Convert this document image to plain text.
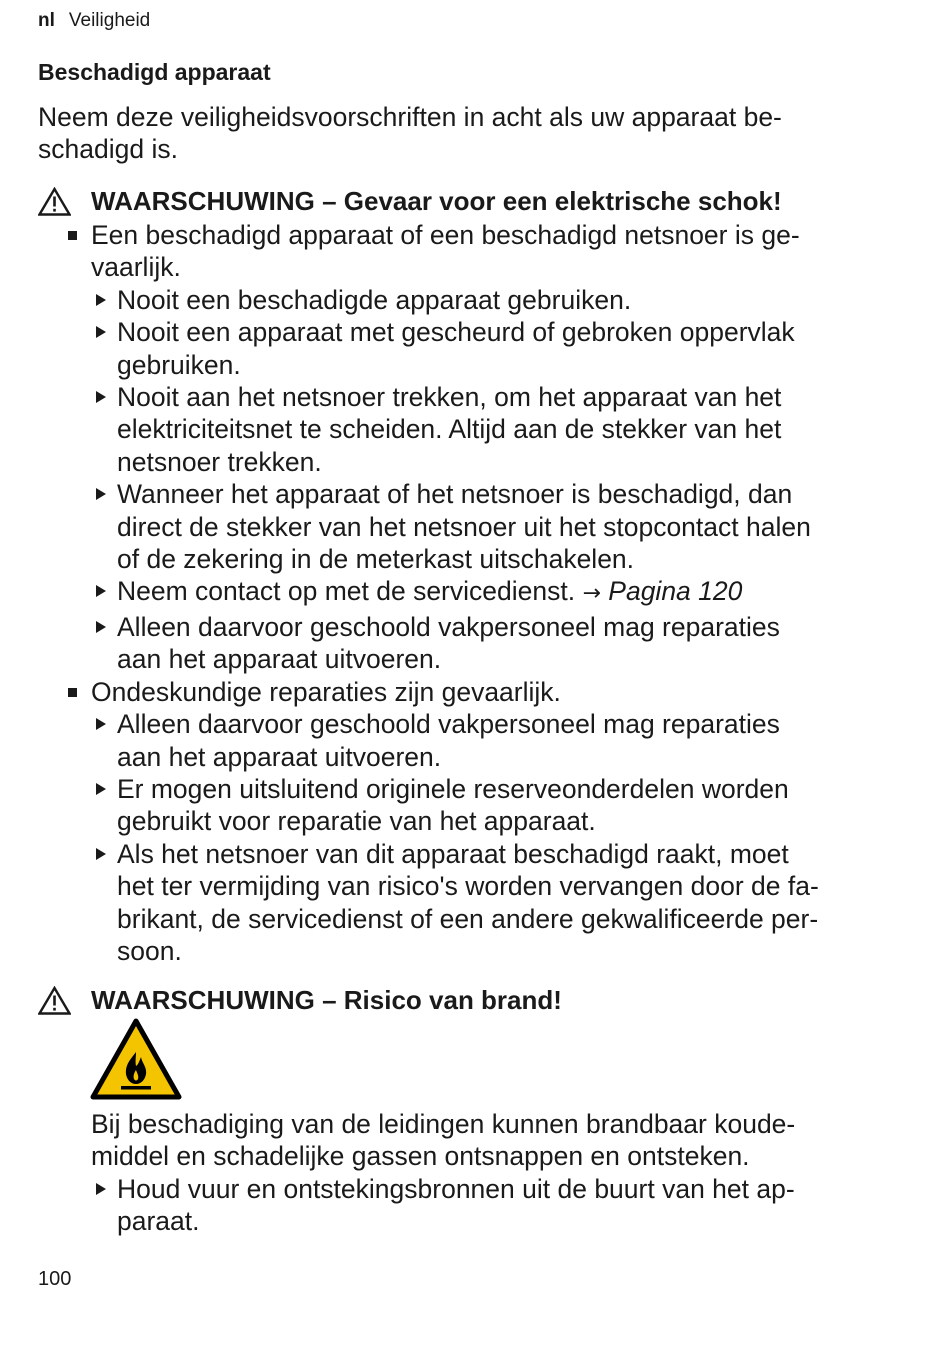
nl Veiligheid
Beschadigd apparaat
Neem deze veiligheidsvoorschriften in acht als uw apparaat be-
schadigd is.
WAARSCHUWING – Gevaar voor een elektrische schok!
Een beschadigd apparaat of een beschadigd netsnoer is ge-
vaarlijk.
Nooit een beschadigde apparaat gebruiken.
Nooit een apparaat met gescheurd of gebroken oppervlak
gebruiken.
Nooit aan het netsnoer trekken, om het apparaat van het
elektriciteitsnet te scheiden. Altijd aan de stekker van het
netsnoer trekken.
Wanneer het apparaat of het netsnoer is beschadigd, dan
direct de stekker van het netsnoer uit het stopcontact halen
of de zekering in de meterkast uitschakelen.
Neem contact op met de servicedienst. → Pagina 120
Alleen daarvoor geschoold vakpersoneel mag reparaties
aan het apparaat uitvoeren.
Ondeskundige reparaties zijn gevaarlijk.
Alleen daarvoor geschoold vakpersoneel mag reparaties
aan het apparaat uitvoeren.
Er mogen uitsluitend originele reserveonderdelen worden
gebruikt voor reparatie van het apparaat.
Als het netsnoer van dit apparaat beschadigd raakt, moet
het ter vermijding van risico's worden vervangen door de fa-
brikant, de servicedienst of een andere gekwalificeerde per-
soon.
WAARSCHUWING – Risico van brand!
Bij beschadiging van de leidingen kunnen brandbaar koude-
middel en schadelijke gassen ontsnappen en ontsteken.
Houd vuur en ontstekingsbronnen uit de buurt van het ap-
paraat.
100
